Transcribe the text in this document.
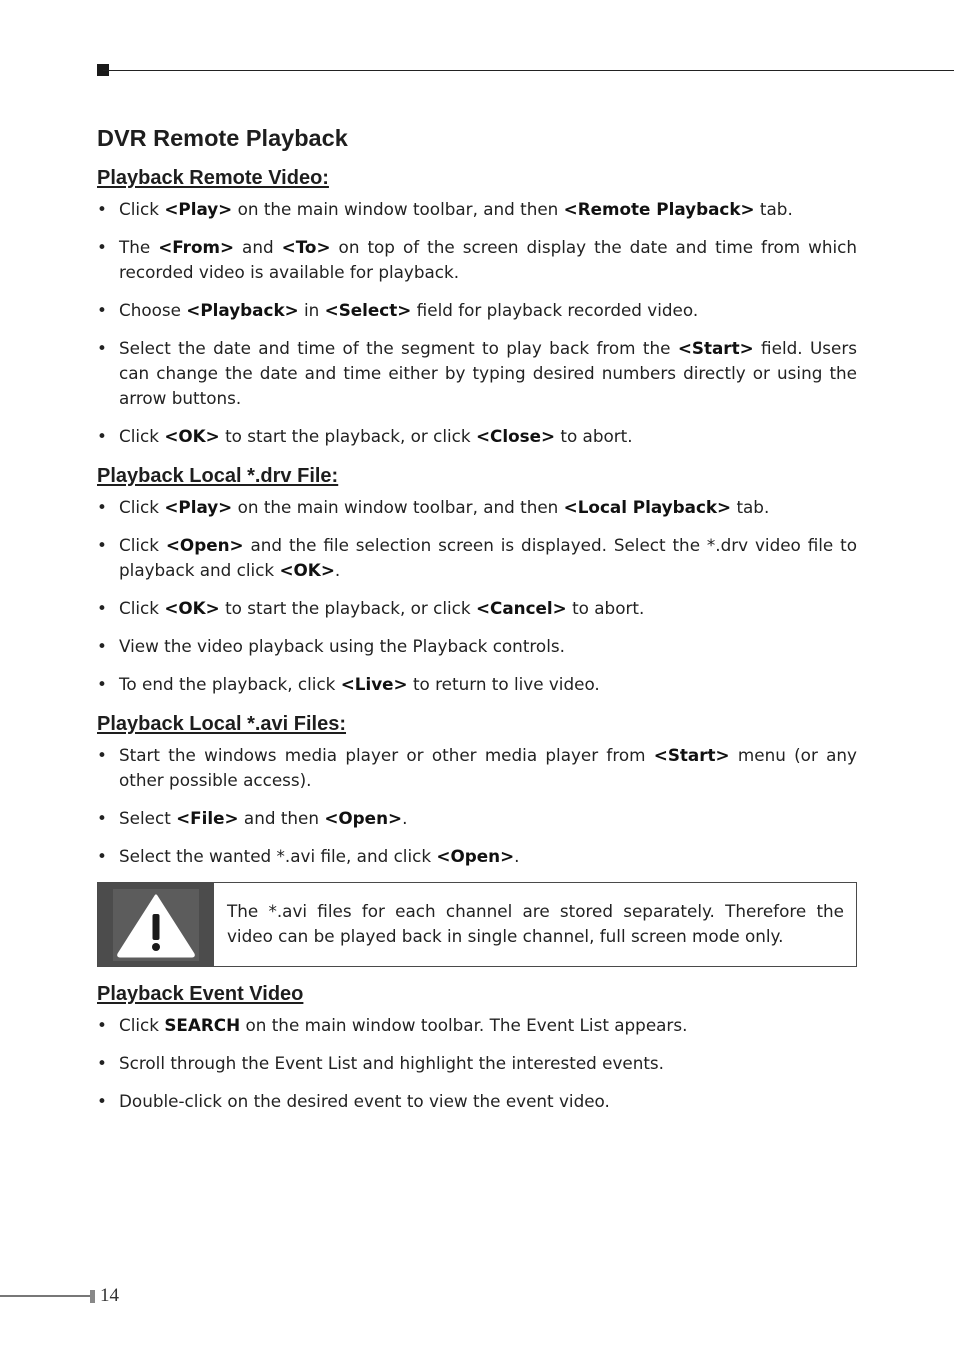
DVR Remote Playback
Playback Remote Video:
• Click <Play> on the main window toolbar, and then <Remote Playback> tab.
• The <From> and <To> on top of the screen display the date and time from which recorded video is available for playback.
• Choose <Playback> in <Select> field for playback recorded video.
• Select the date and time of the segment to play back from the <Start> field. Users can change the date and time either by typing desired numbers directly or using the arrow buttons.
• Click <OK> to start the playback, or click <Close> to abort.
Playback Local *.drv File:
• Click <Play> on the main window toolbar, and then <Local Playback> tab.
• Click <Open> and the file selection screen is displayed. Select the *.drv video file to playback and click <OK>.
• Click <OK> to start the playback, or click <Cancel> to abort.
• View the video playback using the Playback controls.
• To end the playback, click <Live> to return to live video.
Playback Local *.avi Files:
• Start the windows media player or other media player from <Start> menu (or any other possible access).
• Select <File> and then <Open>.
• Select the wanted *.avi file, and click <Open>.
The *.avi files for each channel are stored separately. Therefore the video can be played back in single channel, full screen mode only.
Playback Event Video
• Click SEARCH on the main window toolbar. The Event List appears.
• Scroll through the Event List and highlight the interested events.
• Double-click on the desired event to view the event video.
14
